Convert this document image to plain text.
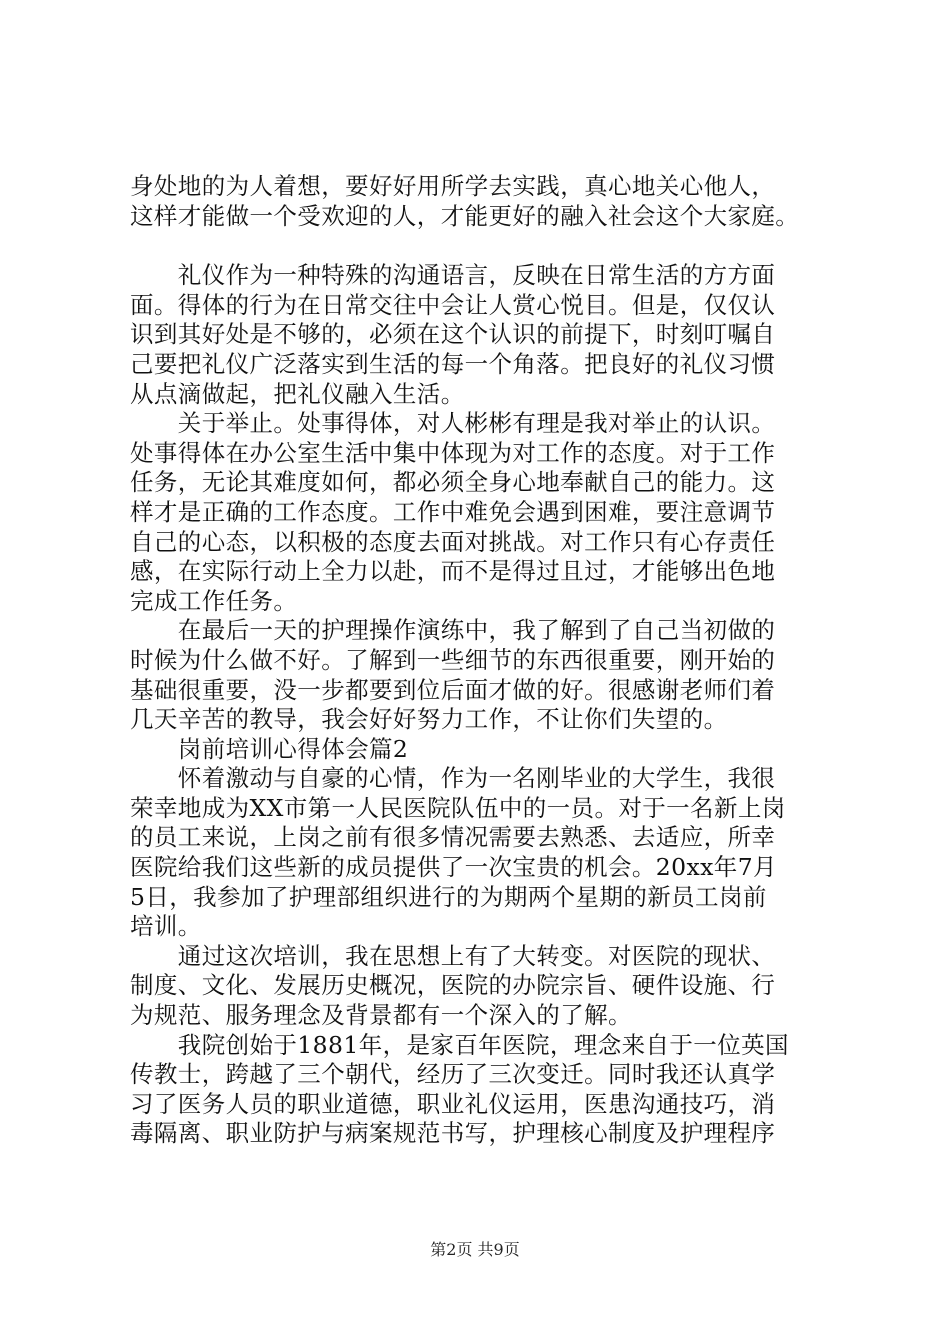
身处地的为人着想，要好好用所学去实践，真心地关心他人，
这样才能做一个受欢迎的人，才能更好的融入社会这个大家庭。
　　礼仪作为一种特殊的沟通语言，反映在日常生活的方方面
面。得体的行为在日常交往中会让人赏心悦目。但是，仅仅认
识到其好处是不够的，必须在这个认识的前提下，时刻叮嘱自
己要把礼仪广泛落实到生活的每一个角落。把良好的礼仪习惯
从点滴做起，把礼仪融入生活。
　　关于举止。处事得体，对人彬彬有理是我对举止的认识。
处事得体在办公室生活中集中体现为对工作的态度。对于工作
任务，无论其难度如何，都必须全身心地奉献自己的能力。这
样才是正确的工作态度。工作中难免会遇到困难，要注意调节
自己的心态，以积极的态度去面对挑战。对工作只有心存责任
感，在实际行动上全力以赴，而不是得过且过，才能够出色地
完成工作任务。
　　在最后一天的护理操作演练中，我了解到了自己当初做的
时候为什么做不好。了解到一些细节的东西很重要，刚开始的
基础很重要，没一步都要到位后面才做的好。很感谢老师们着
几天辛苦的教导，我会好好努力工作，不让你们失望的。
　　岗前培训心得体会篇2
　　怀着激动与自豪的心情，作为一名刚毕业的大学生，我很
荣幸地成为XX市第一人民医院队伍中的一员。对于一名新上岗
的员工来说，上岗之前有很多情况需要去熟悉、去适应，所幸
医院给我们这些新的成员提供了一次宝贵的机会。20xx年7月
5日，我参加了护理部组织进行的为期两个星期的新员工岗前
培训。
　　通过这次培训，我在思想上有了大转变。对医院的现状、
制度、文化、发展历史概况，医院的办院宗旨、硬件设施、行
为规范、服务理念及背景都有一个深入的了解。
　　我院创始于1881年，是家百年医院，理念来自于一位英国
传教士，跨越了三个朝代，经历了三次变迁。同时我还认真学
习了医务人员的职业道德，职业礼仪运用，医患沟通技巧，消
毒隔离、职业防护与病案规范书写，护理核心制度及护理程序
第2页 共9页
